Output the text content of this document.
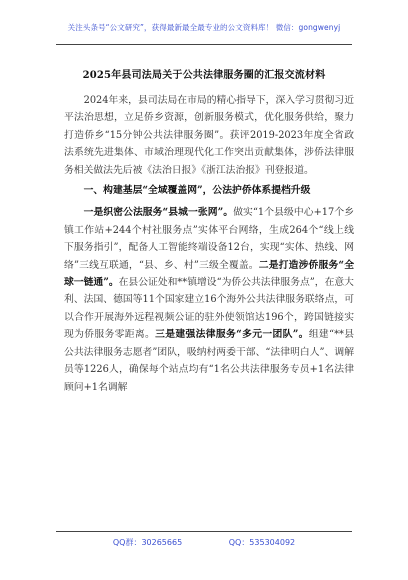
关注头条号“公文研究”，获得最新最全最专业的公文资料库！ 微信：gongwenyj
2025年县司法局关于公共法律服务圈的汇报交流材料

2024年来，县司法局在市局的精心指导下，深入学习贯彻习近平法治思想，立足侨乡资源，创新服务模式，优化服务供给，聚力打造侨乡“15分钟公共法律服务圈”。获评2019-2023年度全省政法系统先进集体、市域治理现代化工作突出贡献集体，涉侨法律服务相关做法先后被《法治日报》《浙江法治报》刊登报道。

一、构建基层“全域覆盖网”，公法护侨体系提档升级

一是织密公法服务“县城一张网”。做实“1个县级中心+17个乡镇工作站+244个村社服务点”实体平台网络，生成264个“线上线下服务指引”，配备人工智能终端设备12台，实现“实体、热线、网络”三线互联通，“县、乡、村”三级全覆盖。二是打造涉侨服务“全球一链通”。在县公证处和**镇增设“为侨公共法律服务点”，在意大利、法国、德国等11个国家建立16个海外公共法律服务联络点，可以合作开展海外远程视频公证的驻外使领馆达196个，跨国链接实现为侨服务零距离。三是建强法律服务“多元一团队”。组建“**县公共法律服务志愿者”团队，吸纳村两委干部、“法律明白人”、调解员等1226人，确保每个站点均有“1名公共法律服务专员+1名法律顾问+1名调解

QQ群：30265665	QQ：535304092
